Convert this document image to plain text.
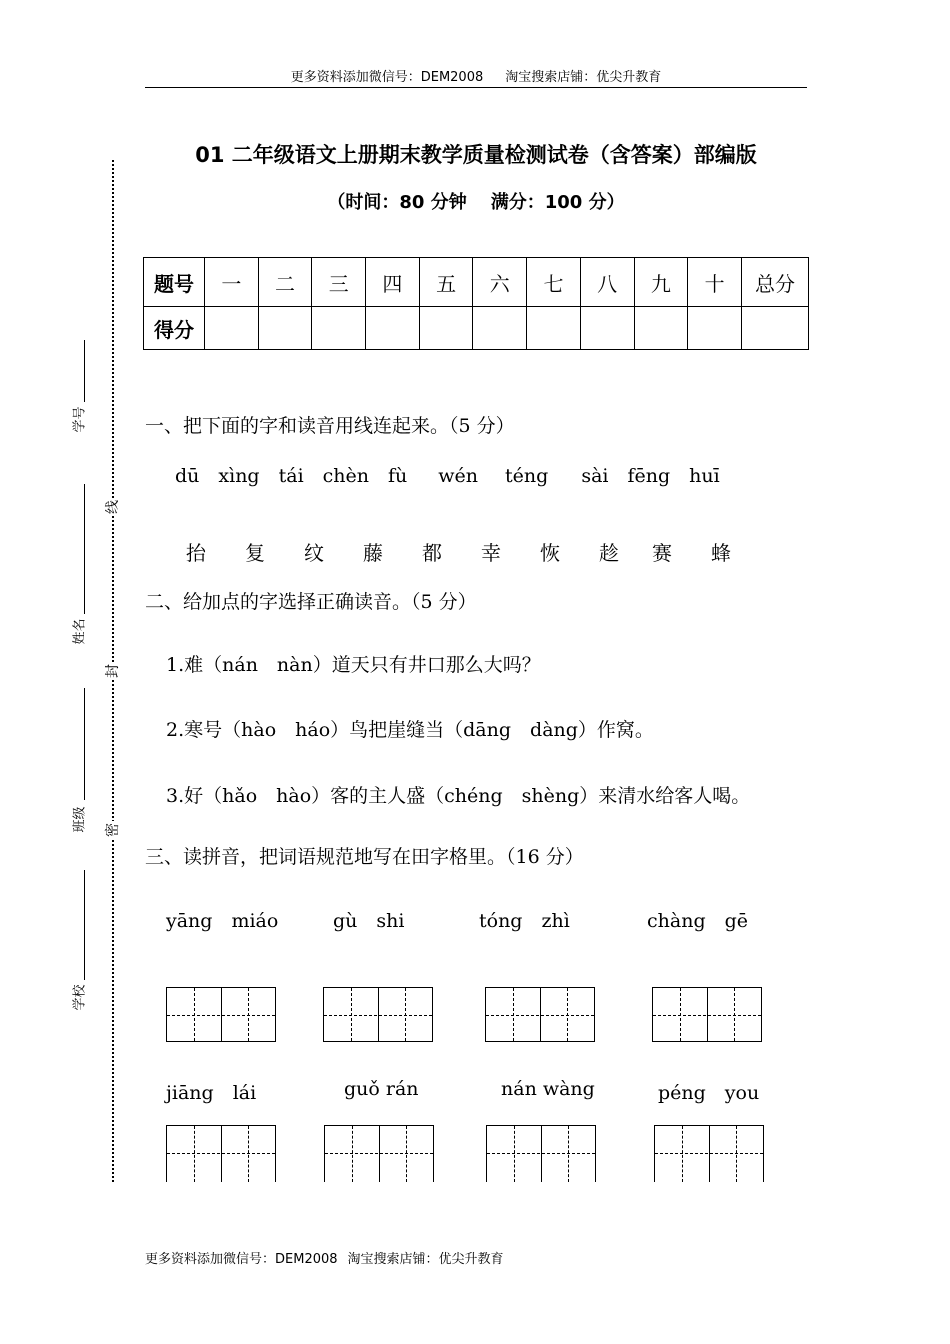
更多资料添加微信号：DEM2008 淘宝搜索店铺：优尖升教育
线
封
密
学号
姓名
班级
学校
01 二年级语文上册期末教学质量检测试卷（含答案）部编版
（时间：80 分钟 满分：100 分）
题号	一	二	三	四	五	六	七	八	九	十	总分
得分											
一、把下面的字和读音用线连起来。（5 分）
dū xìng tái chèn fù wén téng sài fēng huī
抬 复 纹 藤 都 幸 恢 趁 赛 蜂
二、给加点的字选择正确读音。（5 分）
1.难（nán　nàn）道天只有井口那么大吗？
2.寒号（hào　háo）鸟把崖缝当（dāng　dàng）作窝。
3.好（hǎo　hào）客的主人盛（chéng　shèng）来清水给客人喝。
三、读拼音，把词语规范地写在田字格里。（16 分）
yāng　miáo	gù　shi	tóng　zhì	chàng　gē
jiāng　lái	guǒ rán	nán wàng	péng　you
更多资料添加微信号：DEM2008 淘宝搜索店铺：优尖升教育
